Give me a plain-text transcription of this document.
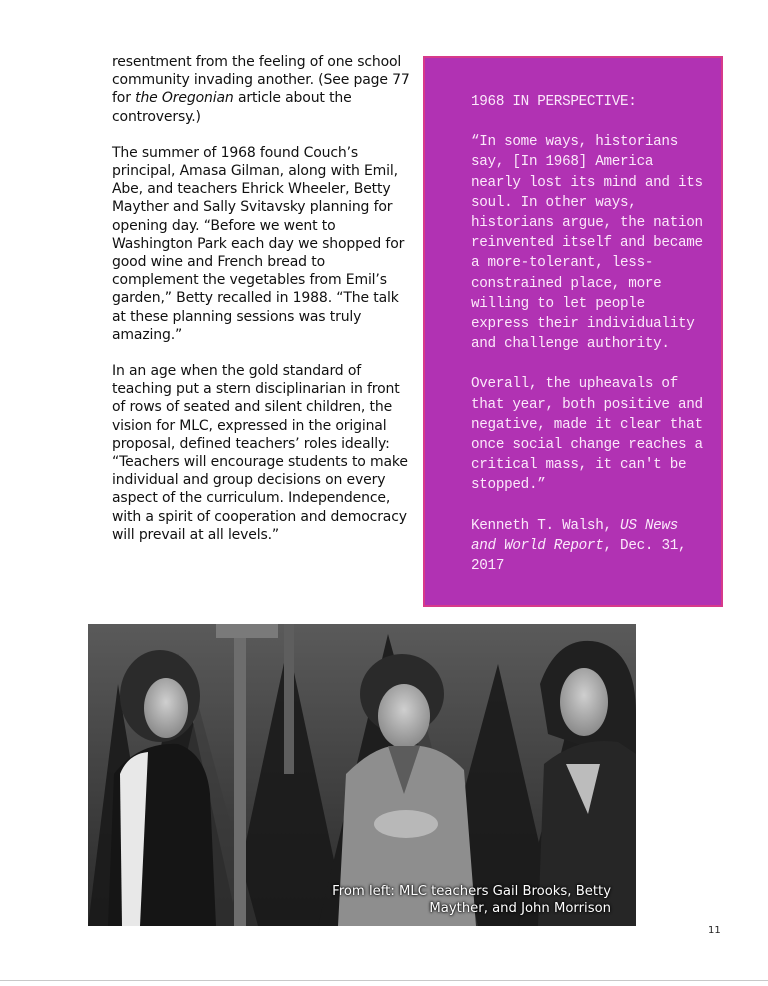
resentment from the feeling of one school community invading another. (See page 77 for the Oregonian article about the controversy.)

The summer of 1968 found Couch’s principal, Amasa Gilman, along with Emil, Abe, and teachers Ehrick Wheeler, Betty Mayther and Sally Svitavsky planning for opening day. “Before we went to Washington Park each day we shopped for good wine and French bread to complement the vegetables from Emil’s garden,” Betty recalled in 1988. “The talk at these planning sessions was truly amazing.”

In an age when the gold standard of teaching put a stern disciplinarian in front of rows of seated and silent children, the vision for MLC, expressed in the original proposal, defined teachers’ roles ideally: “Teachers will encourage students to make individual and group decisions on every aspect of the curriculum. Independence, with a spirit of cooperation and democracy will prevail at all levels.”

1968 IN PERSPECTIVE:

“In some ways, historians say, [In 1968] America nearly lost its mind and its soul. In other ways, historians argue, the nation reinvented itself and became a more-tolerant, less-constrained place, more willing to let people express their individuality and challenge authority.

Overall, the upheavals of that year, both positive and negative, made it clear that once social change reaches a critical mass, it can't be stopped.”

Kenneth T. Walsh, US News and World Report, Dec. 31, 2017

From left: MLC teachers Gail Brooks, Betty Mayther, and John Morrison
11
